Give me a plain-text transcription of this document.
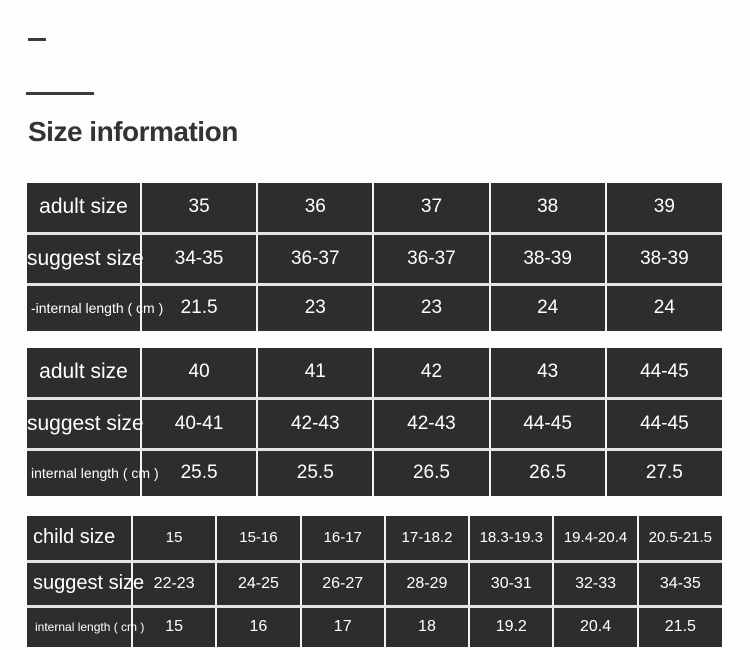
Size information
adult size	35	36	37	38	39
suggest size	34-35	36-37	36-37	38-39	38-39
-internal length ( cm )	21.5	23	23	24	24
adult size	40	41	42	43	44-45
suggest size	40-41	42-43	42-43	44-45	44-45
internal length ( cm )	25.5	25.5	26.5	26.5	27.5
child size	15	15-16	16-17	17-18.2	18.3-19.3	19.4-20.4	20.5-21.5
suggest size	22-23	24-25	26-27	28-29	30-31	32-33	34-35
internal length ( cm )	15	16	17	18	19.2	20.4	21.5
